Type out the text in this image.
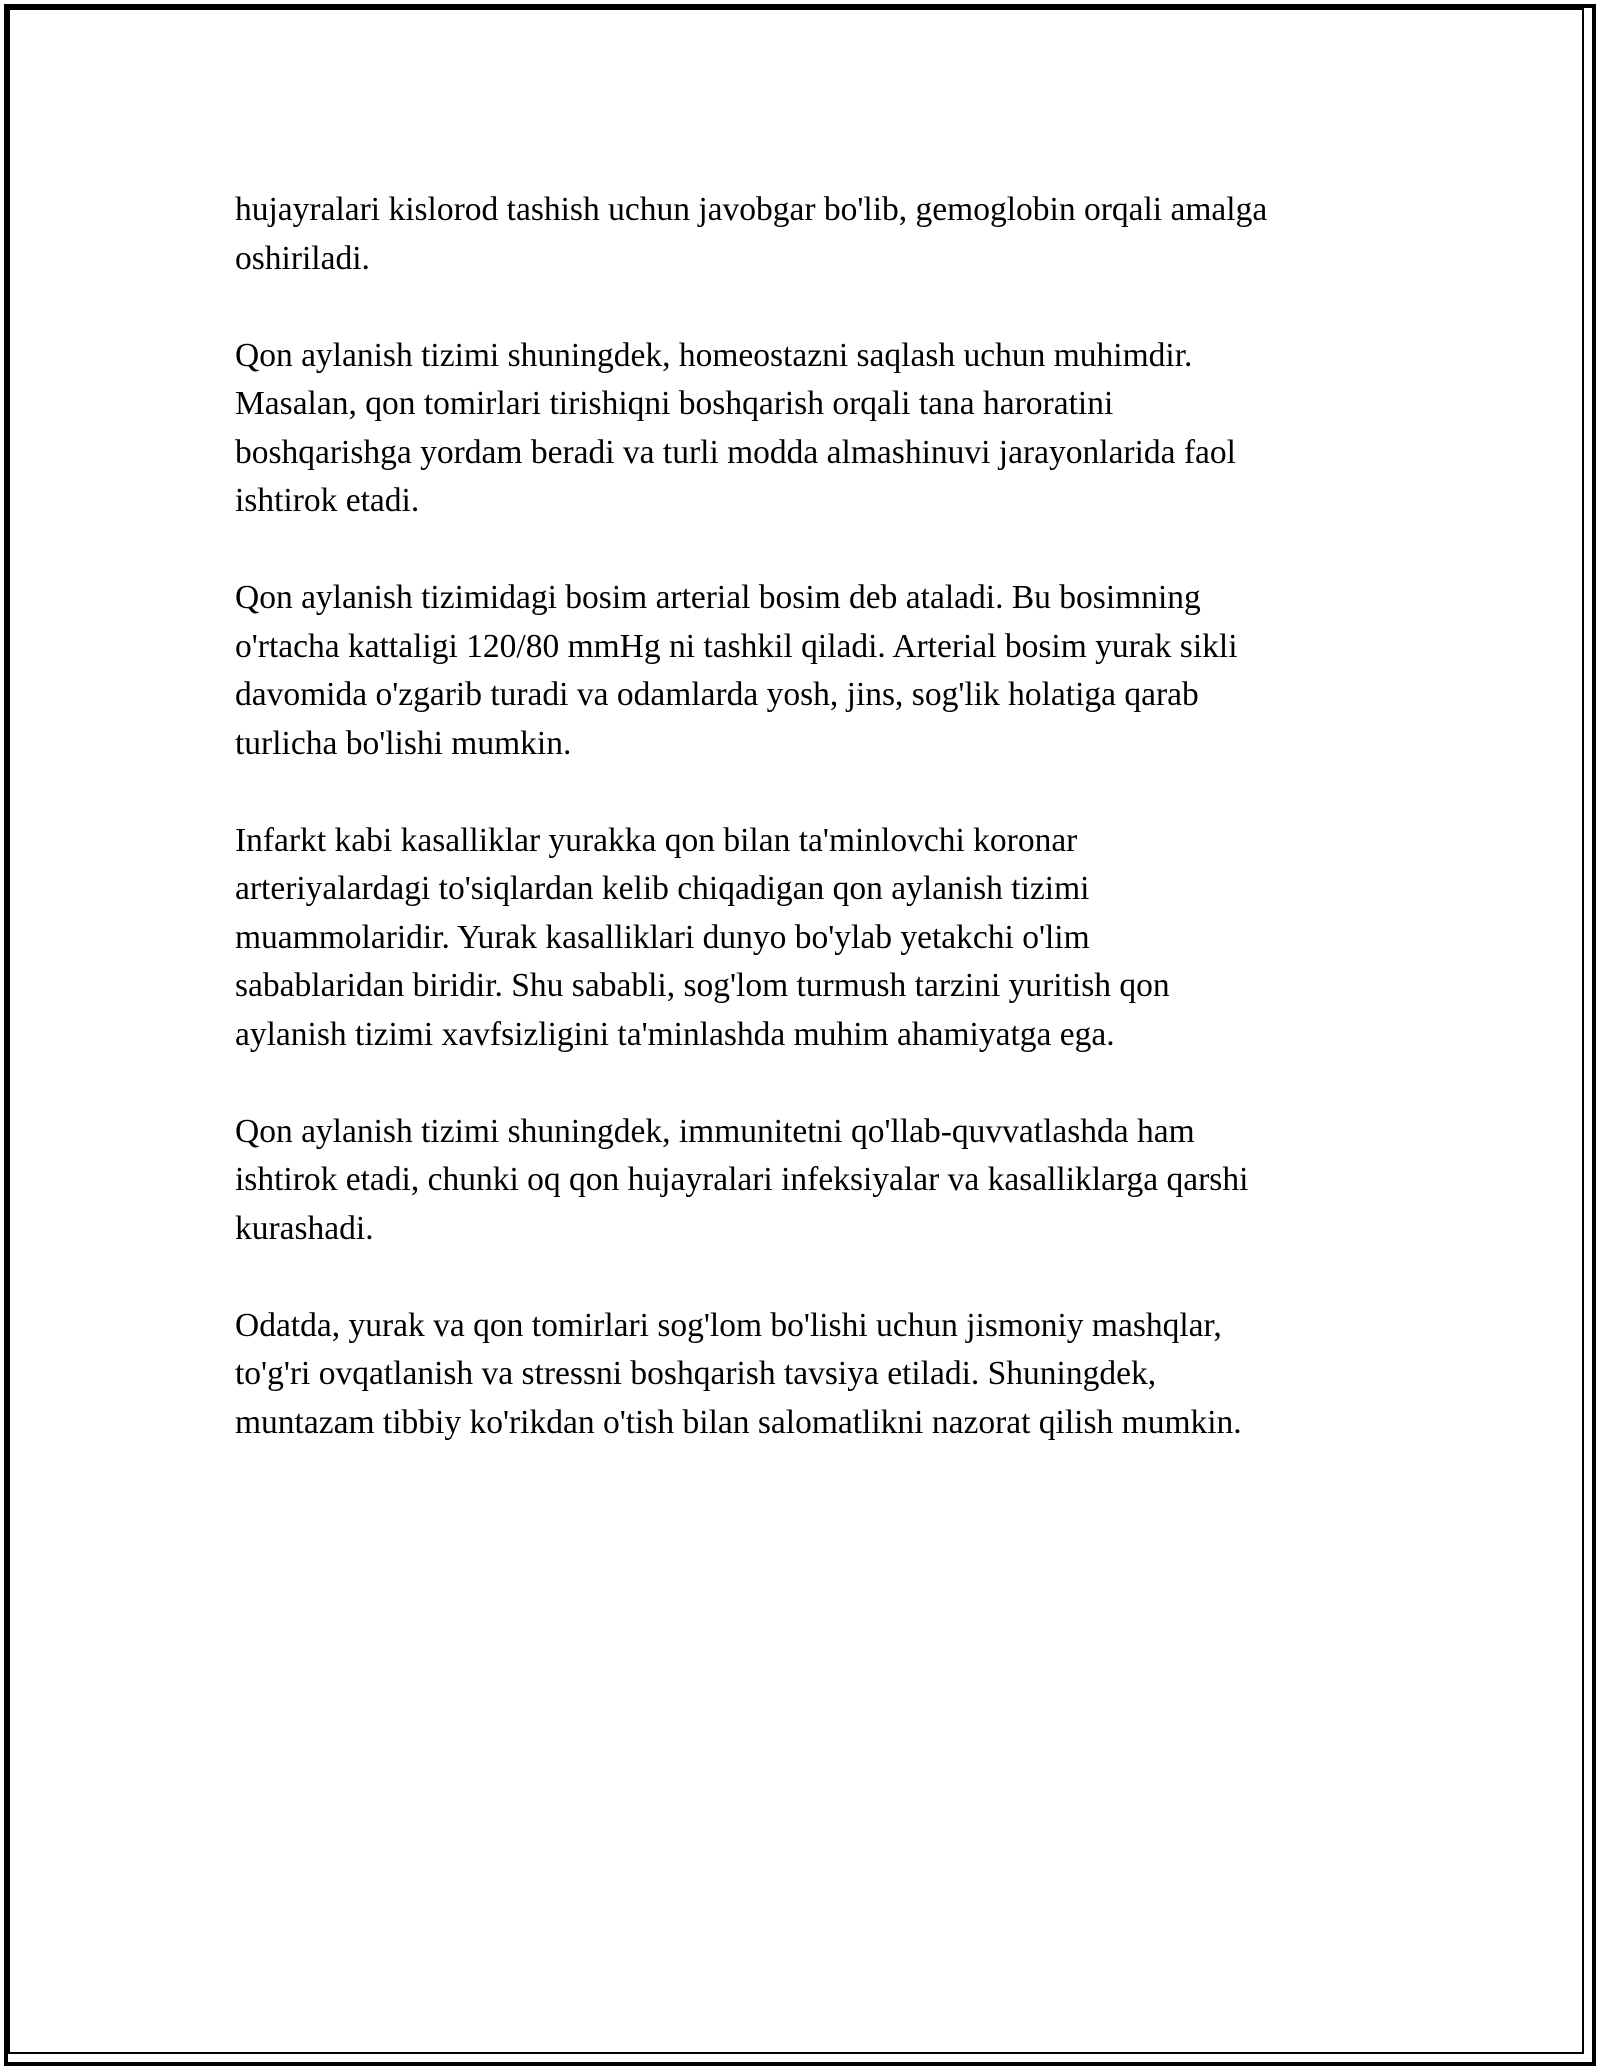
hujayralari kislorod tashish uchun javobgar bo'lib, gemoglobin orqali amalga
oshiriladi.

Qon aylanish tizimi shuningdek, homeostazni saqlash uchun muhimdir.
Masalan, qon tomirlari tirishiqni boshqarish orqali tana haroratini
boshqarishga yordam beradi va turli modda almashinuvi jarayonlarida faol
ishtirok etadi.

Qon aylanish tizimidagi bosim arterial bosim deb ataladi. Bu bosimning
o'rtacha kattaligi 120/80 mmHg ni tashkil qiladi. Arterial bosim yurak sikli
davomida o'zgarib turadi va odamlarda yosh, jins, sog'lik holatiga qarab
turlicha bo'lishi mumkin.

Infarkt kabi kasalliklar yurakka qon bilan ta'minlovchi koronar
arteriyalardagi to'siqlardan kelib chiqadigan qon aylanish tizimi
muammolaridir. Yurak kasalliklari dunyo bo'ylab yetakchi o'lim
sabablaridan biridir. Shu sababli, sog'lom turmush tarzini yuritish qon
aylanish tizimi xavfsizligini ta'minlashda muhim ahamiyatga ega.

Qon aylanish tizimi shuningdek, immunitetni qo'llab-quvvatlashda ham
ishtirok etadi, chunki oq qon hujayralari infeksiyalar va kasalliklarga qarshi
kurashadi.

Odatda, yurak va qon tomirlari sog'lom bo'lishi uchun jismoniy mashqlar,
to'g'ri ovqatlanish va stressni boshqarish tavsiya etiladi. Shuningdek,
muntazam tibbiy ko'rikdan o'tish bilan salomatlikni nazorat qilish mumkin.
